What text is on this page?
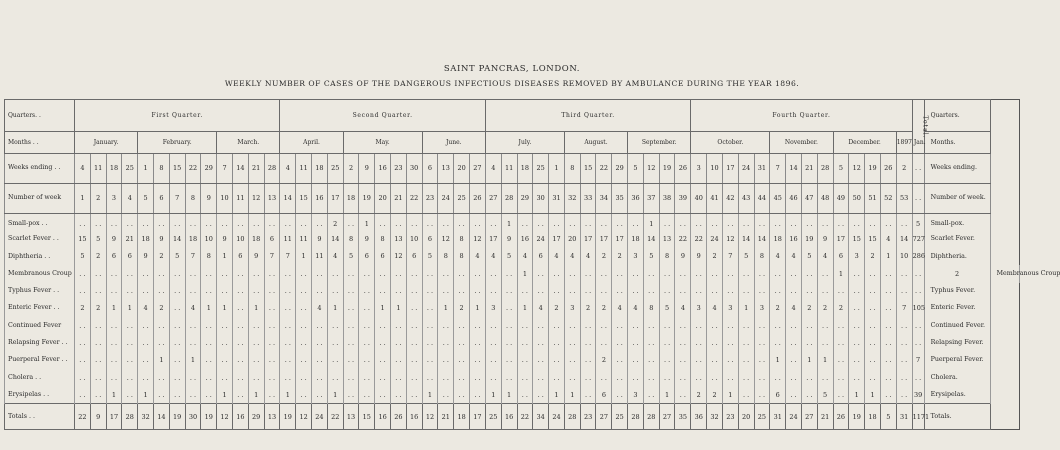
SAINT PANCRAS, LONDON.
WEEKLY NUMBER OF CASES OF THE DANGEROUS INFECTIOUS DISEASES REMOVED BY AMBULANCE DURING THE YEAR 1896.
Quarters. .	First Quarter.													Second Quarter.													Third Quarter.													Fourth Quarter.														Total.	Quarters.	
Months . .	January.				February.					March.				April.				May.					June.				July.					August.				September.				October.					November.				December.				1897 Jan.		Months.	
Weeks ending . .	4	11	18	25	1	8	15	22	29	7	14	21	28	4	11	18	25	2	9	16	23	30	6	13	20	27	4	11	18	25	1	8	15	22	29	5	12	19	26	3	10	17	24	31	7	14	21	28	5	12	19	26	2	. .	Weeks ending.	
Number of week	1	2	3	4	5	6	7	8	9	10	11	12	13	14	15	16	17	18	19	20	21	22	23	24	25	26	27	28	29	30	31	32	33	34	35	36	37	38	39	40	41	42	43	44	45	46	47	48	49	50	51	52	53	. .	Number of week.	
Small-pox . .	. .	. .	. .	. .	. .	. .	. .	. .	. .	. .	. .	. .	. .	. .	. .	. .	2	. .	1	. .	. .	. .	. .	. .	. .	. .	. .	1	. .	. .	. .	. .	. .	. .	. .	. .	1	. .	. .	. .	. .	. .	. .	. .	. .	. .	. .	. .	. .	. .	. .	. .	. .	5	Small-pox.	
Scarlet Fever . .	15	5	9	21	18	9	14	18	10	9	10	18	6	11	11	9	14	8	9	8	13	10	6	12	8	12	17	9	16	24	17	20	17	17	17	18	14	13	22	22	24	12	14	14	18	16	19	9	17	15	15	4	14	727	Scarlet Fever.	
Diphtheria . .	5	2	6	6	9	2	5	7	8	1	6	9	7	7	1	11	4	5	6	6	12	6	5	8	8	4	4	5	4	6	4	4	4	2	2	3	5	8	9	9	2	7	5	8	4	4	5	4	6	3	2	1	10	286	Diphtheria.	
Membranous Croup	. .	. .	. .	. .	. .	. .	. .	. .	. .	. .	. .	. .	. .	. .	. .	. .	. .	. .	. .	. .	. .	. .	. .	. .	. .	. .	. .	. .	1	. .	. .	. .	. .	. .	. .	. .	. .	. .	. .	. .	. .	. .	. .	. .	. .	. .	. .	. .	1	. .	. .	. .	. .	. .	2	Membranous Croup
Typhus Fever . .	. .	. .	. .	. .	. .	. .	. .	. .	. .	. .	. .	. .	. .	. .	. .	. .	. .	. .	. .	. .	. .	. .	. .	. .	. .	. .	. .	. .	. .	. .	. .	. .	. .	. .	. .	. .	. .	. .	. .	. .	. .	. .	. .	. .	. .	. .	. .	. .	. .	. .	. .	. .	. .	. .	Typhus Fever.	
Enteric Fever . .	2	2	1	1	4	2	. .	4	1	1	. .	1	. .	. .	. .	4	1	. .	. .	1	1	. .	. .	1	2	1	3	. .	1	4	2	3	2	2	4	4	8	5	4	3	4	3	1	3	2	4	2	2	2	. .	. .	. .	7	105	Enteric Fever.	
Continued Fever	. .	. .	. .	. .	. .	. .	. .	. .	. .	. .	. .	. .	. .	. .	. .	. .	. .	. .	. .	. .	. .	. .	. .	. .	. .	. .	. .	. .	. .	. .	. .	. .	. .	. .	. .	. .	. .	. .	. .	. .	. .	. .	. .	. .	. .	. .	. .	. .	. .	. .	. .	. .	. .	. .	Continued Fever.	
Relapsing Fever . .	. .	. .	. .	. .	. .	. .	. .	. .	. .	. .	. .	. .	. .	. .	. .	. .	. .	. .	. .	. .	. .	. .	. .	. .	. .	. .	. .	. .	. .	. .	. .	. .	. .	. .	. .	. .	. .	. .	. .	. .	. .	. .	. .	. .	. .	. .	. .	. .	. .	. .	. .	. .	. .	. .	Relapsing Fever.	
Puerperal Fever . .	. .	. .	. .	. .	. .	1	. .	1	. .	. .	. .	. .	. .	. .	. .	. .	. .	. .	. .	. .	. .	. .	. .	. .	. .	. .	. .	. .	. .	. .	. .	. .	. .	2	. .	. .	. .	. .	. .	. .	. .	. .	. .	. .	1	. .	1	1	. .	. .	. .	. .	. .	7	Puerperal Fever.	
Cholera . .	. .	. .	. .	. .	. .	. .	. .	. .	. .	. .	. .	. .	. .	. .	. .	. .	. .	. .	. .	. .	. .	. .	. .	. .	. .	. .	. .	. .	. .	. .	. .	. .	. .	. .	. .	. .	. .	. .	. .	. .	. .	. .	. .	. .	. .	. .	. .	. .	. .	. .	. .	. .	. .	. .	Cholera.	
Erysipelas . .	. .	. .	1	. .	1	. .	. .	. .	. .	1	. .	1	. .	1	. .	. .	1	. .	. .	. .	. .	. .	1	. .	. .	. .	1	1	. .	. .	1	1	. .	6	. .	3	. .	1	. .	2	2	1	. .	. .	6	. .	. .	5	. .	1	1	. .	. .	39	Erysipelas.	
Totals . .	22	9	17	28	32	14	19	30	19	12	16	29	13	19	12	24	22	13	15	16	26	16	12	21	18	17	25	16	22	34	24	28	23	27	25	28	28	27	35	36	32	23	20	25	31	24	27	21	26	19	18	5	31	1171	Totals.	
